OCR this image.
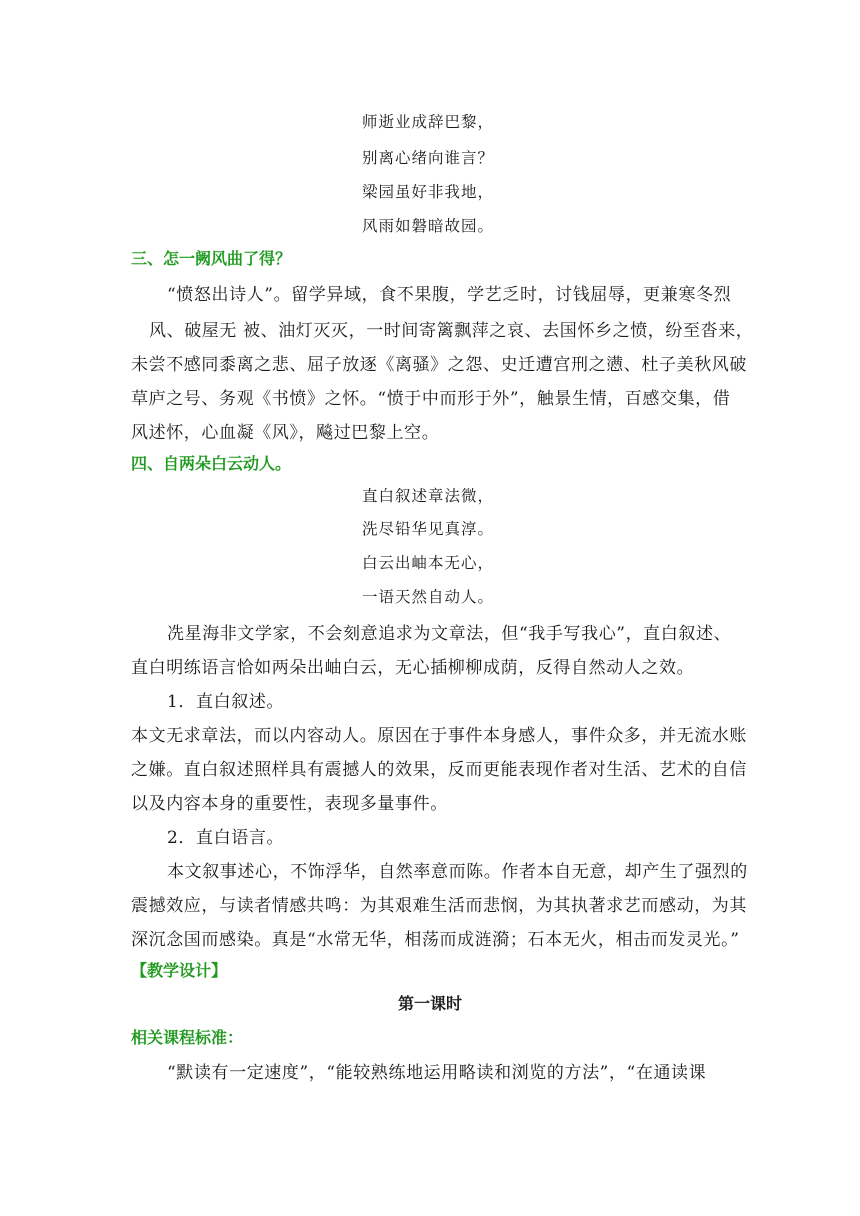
师逝业成辞巴黎，
别离心绪向谁言？
梁园虽好非我地，
风雨如磐暗故园。
三、怎一阙风曲了得？
“愤怒出诗人”。留学异域，食不果腹，学艺乏时，讨钱屈辱，更兼寒冬烈
风、破屋无 被、油灯灭灭，一时间寄篱飘萍之哀、去国怀乡之愤，纷至沓来，
未尝不感同黍离之悲、屈子放逐《离骚》之怨、史迁遭宫刑之懑、杜子美秋风破
草庐之号、务观《书愤》之怀。“愤于中而形于外”，触景生情，百感交集，借
风述怀，心血凝《风》，飚过巴黎上空。
四、自两朵白云动人。
直白叙述章法微，
洗尽铅华见真淳。
白云出岫本无心，
一语天然自动人。
冼星海非文学家，不会刻意追求为文章法，但“我手写我心”，直白叙述、
直白明练语言恰如两朵出岫白云，无心插柳柳成荫，反得自然动人之效。
1．直白叙述。
本文无求章法，而以内容动人。原因在于事件本身感人，事件众多，并无流水账
之嫌。直白叙述照样具有震撼人的效果，反而更能表现作者对生活、艺术的自信
以及内容本身的重要性，表现多量事件。
2．直白语言。
本文叙事述心，不饰浮华，自然率意而陈。作者本自无意，却产生了强烈的
震撼效应，与读者情感共鸣：为其艰难生活而悲悯，为其执著求艺而感动，为其
深沉念国而感染。真是“水常无华，相荡而成涟漪；石本无火，相击而发灵光。”
【教学设计】
第一课时
相关课程标准：
“默读有一定速度”，“能较熟练地运用略读和浏览的方法”，“在通读课
